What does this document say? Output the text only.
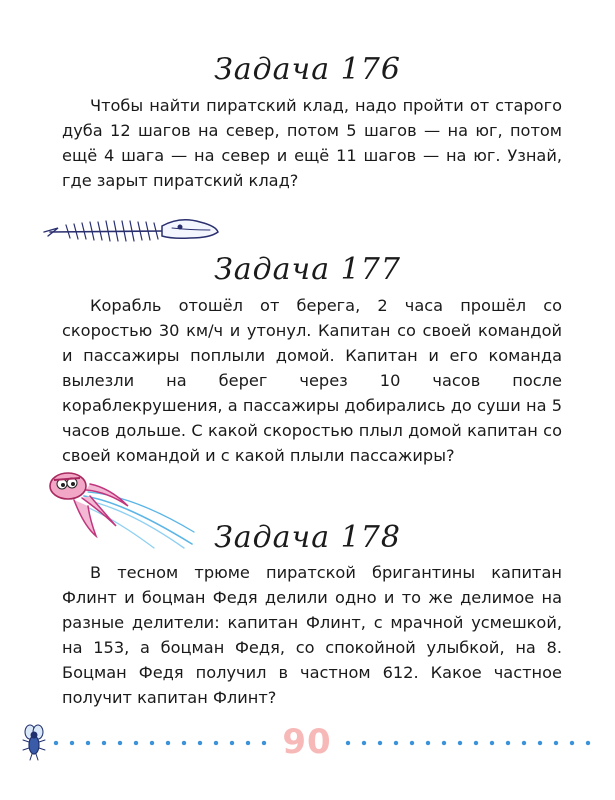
Задача 176
Чтобы найти пиратский клад, надо пройти от старого дуба 12 шагов на север, потом 5 шагов — на юг, потом ещё 4 шага — на север и ещё 11 шагов — на юг. Узнай, где зарыт пиратский клад?
Задача 177
Корабль отошёл от берега, 2 часа прошёл со скоростью 30 км/ч и утонул. Капитан со своей командой и пассажиры поплыли домой. Капитан и его команда вылезли на берег через 10 часов после кораблекрушения, а пассажиры добирались до суши на 5 часов дольше. С какой скоростью плыл домой капитан со своей командой и с какой плыли пассажиры?
Задача 178
В тесном трюме пиратской бригантины капитан Флинт и боцман Федя делили одно и то же делимое на разные делители: капитан Флинт, с мрачной усмешкой, на 153, а боцман Федя, со спокойной улыбкой, на 8. Боцман Федя получил в частном 612. Какое частное получит капитан Флинт?
90
